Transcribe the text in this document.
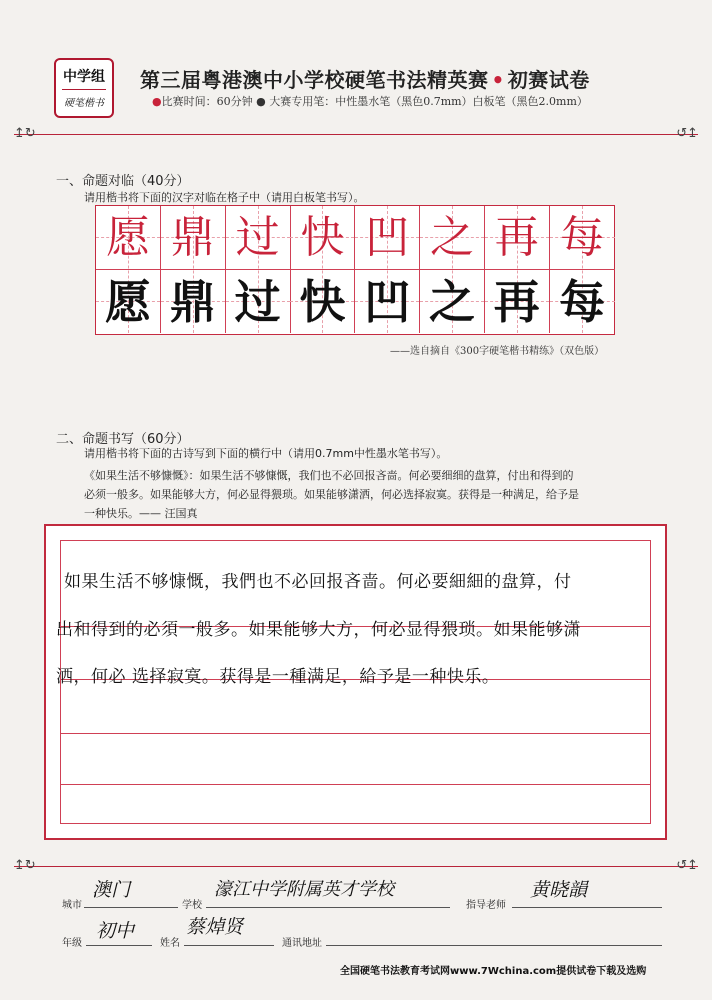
中学组
硬笔楷书
第三届粤港澳中小学校硬笔书法精英赛 • 初赛试卷
●比赛时间：60分钟 ● 大赛专用笔：中性墨水笔（黑色0.7mm）白板笔（黑色2.0mm）
↥↻	↺↥
一、命题对临（40分）
请用楷书将下面的汉字对临在格子中（请用白板笔书写）。
愿
愿
鼎
鼎
过
过
快
快
凹
凹
之
之
再
再
每
每
——选自摘自《300字硬笔楷书精练》（双色版）
二、命题书写（60分）
请用楷书将下面的古诗写到下面的横行中（请用0.7mm中性墨水笔书写）。
《如果生活不够慷慨》：如果生活不够慷慨，我们也不必回报吝啬。何必要细细的盘算，付出和得到的
必须一般多。如果能够大方，何必显得猥琐。如果能够潇洒，何必选择寂寞。获得是一种满足，给予是
一种快乐。—— 汪国真
如果生活不够慷慨，我們也不必回报吝啬。何必要細細的盘算，付
出和得到的必須一般多。如果能够大方，何必显得猥琐。如果能够潇
洒，何必 选择寂寞。获得是一種满足，給予是一种快乐。
↥↻	↺↥
城市
澳门
学校
濠江中学附属英才学校
指导老师
黄晓韻
年级
初中
姓名
蔡焯贤
通讯地址
全国硬笔书法教育考试网www.7Wchina.com提供试卷下载及选购
